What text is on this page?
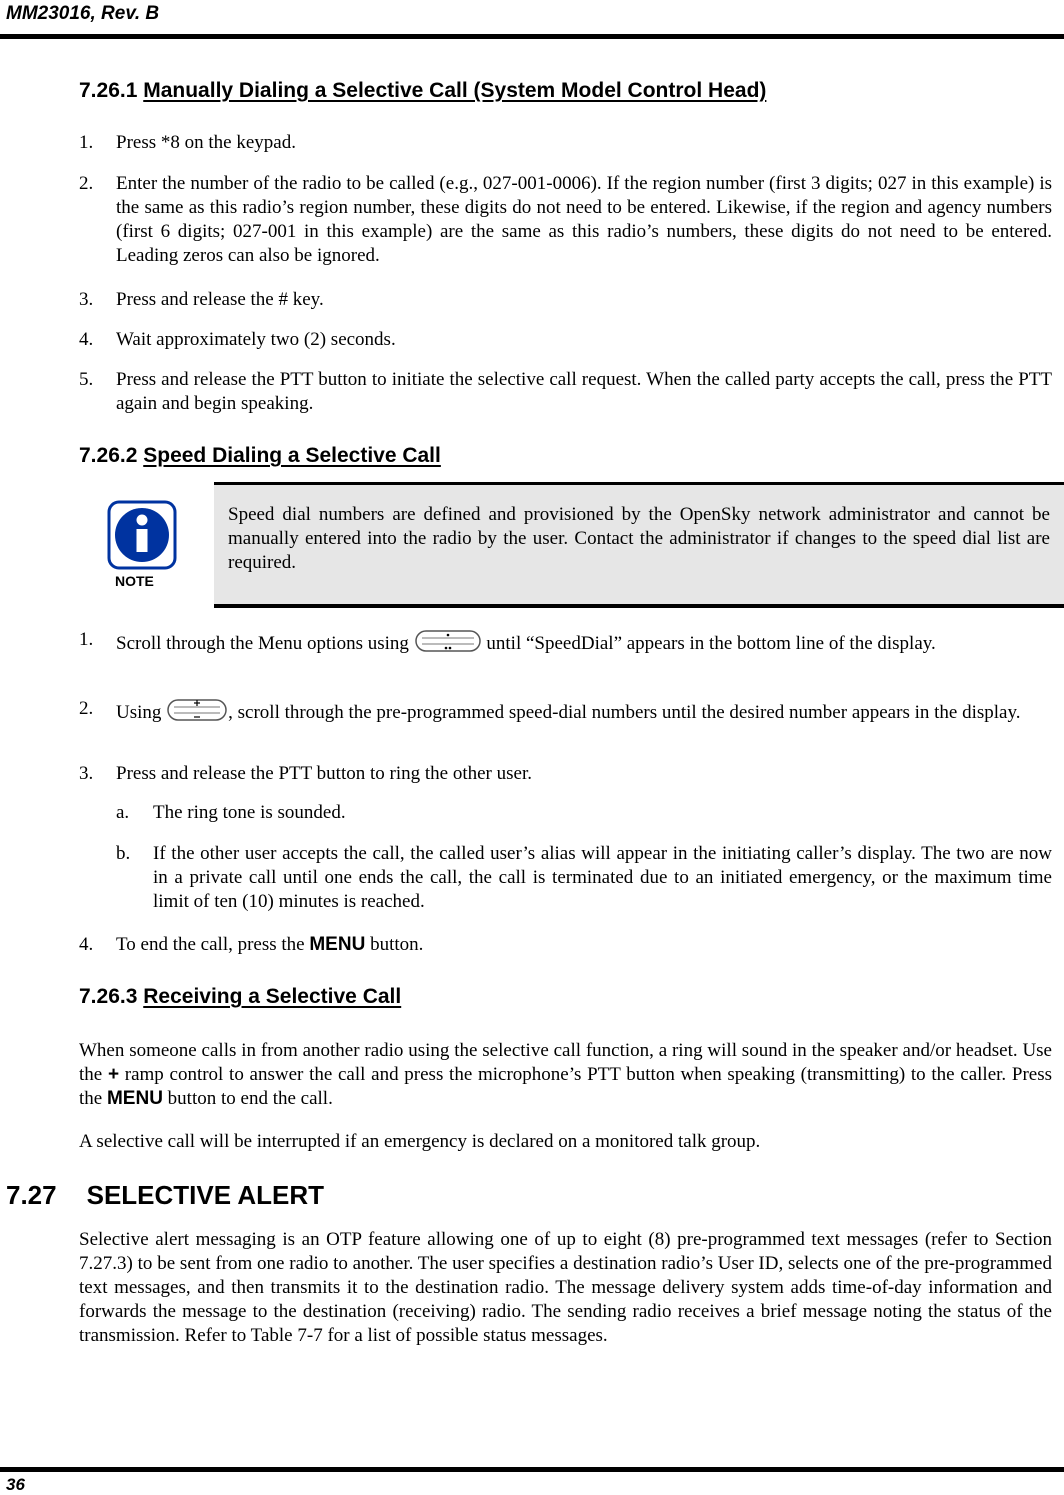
MM23016, Rev. B
7.26.1 Manually Dialing a Selective Call (System Model Control Head)
1. Press *8 on the keypad.
2. Enter the number of the radio to be called (e.g., 027-001-0006). If the region number (first 3 digits; 027 in this example) is the same as this radio’s region number, these digits do not need to be entered. Likewise, if the region and agency numbers (first 6 digits; 027-001 in this example) are the same as this radio’s numbers, these digits do not need to be entered. Leading zeros can also be ignored.
3. Press and release the # key.
4. Wait approximately two (2) seconds.
5. Press and release the PTT button to initiate the selective call request. When the called party accepts the call, press the PTT again and begin speaking.
7.26.2 Speed Dialing a Selective Call
NOTE
Speed dial numbers are defined and provisioned by the OpenSky network administrator and cannot be manually entered into the radio by the user. Contact the administrator if changes to the speed dial list are required.
1. Scroll through the Menu options using	until “SpeedDial” appears in the bottom line of the display.
2. Using	, scroll through the pre-programmed speed-dial numbers until the desired number appears in the display.
3. Press and release the PTT button to ring the other user.
a. The ring tone is sounded.
b. If the other user accepts the call, the called user’s alias will appear in the initiating caller’s display. The two are now in a private call until one ends the call, the call is terminated due to an initiated emergency, or the maximum time limit of ten (10) minutes is reached.
4. To end the call, press the MENU button.
7.26.3 Receiving a Selective Call
When someone calls in from another radio using the selective call function, a ring will sound in the speaker and/or headset. Use the + ramp control to answer the call and press the microphone’s PTT button when speaking (transmitting) to the caller. Press the MENU button to end the call.
A selective call will be interrupted if an emergency is declared on a monitored talk group.
7.27 SELECTIVE ALERT
Selective alert messaging is an OTP feature allowing one of up to eight (8) pre-programmed text messages (refer to Section 7.27.3) to be sent from one radio to another. The user specifies a destination radio’s User ID, selects one of the pre-programmed text messages, and then transmits it to the destination radio. The message delivery system adds time-of-day information and forwards the message to the destination (receiving) radio. The sending radio receives a brief message noting the status of the transmission. Refer to Table 7-7 for a list of possible status messages.
36
